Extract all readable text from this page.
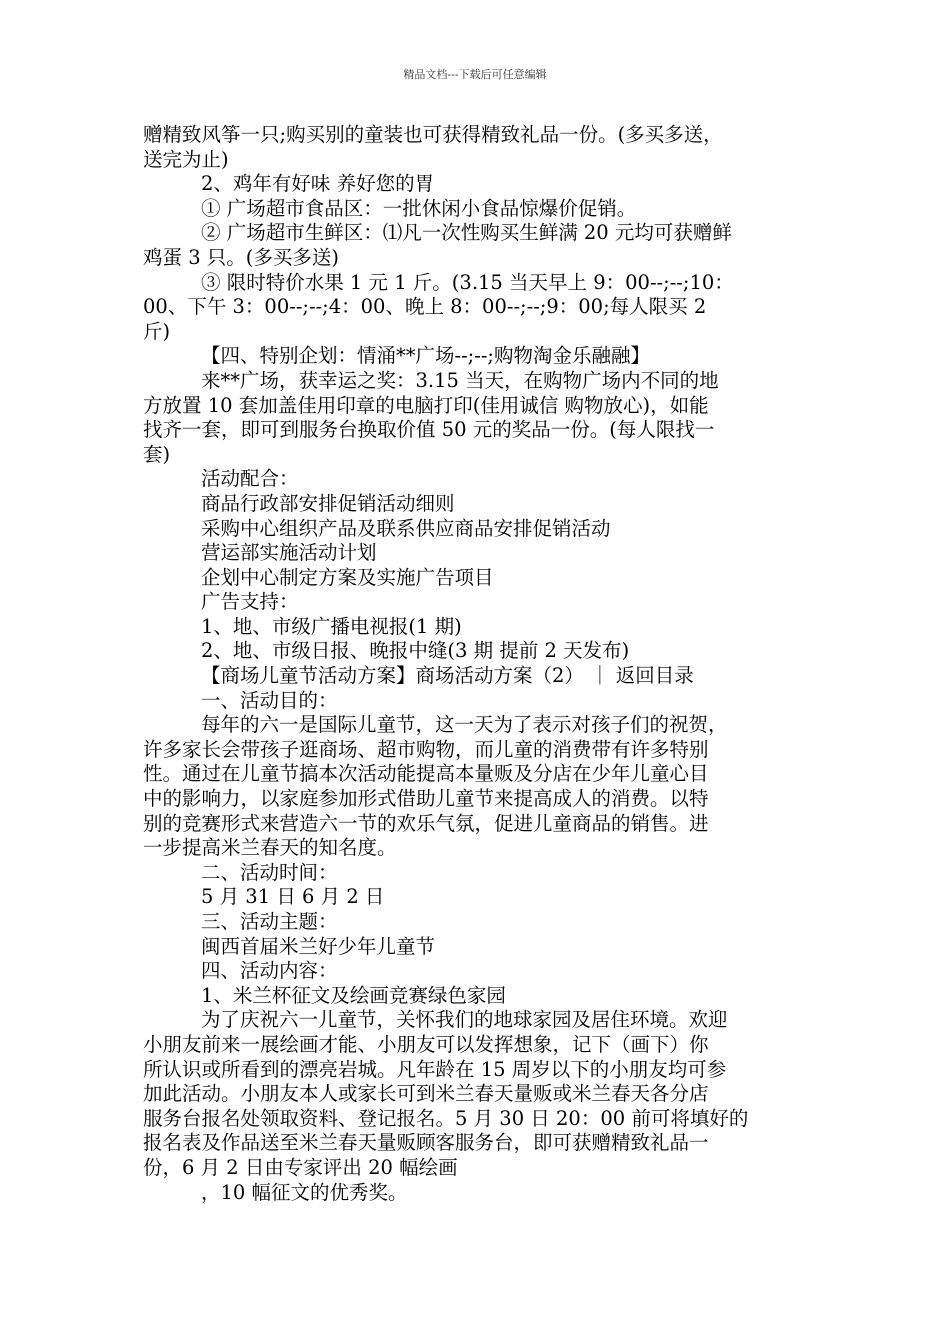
精品文档---下载后可任意编辑

赠精致风筝一只;购买别的童装也可获得精致礼品一份。(多买多送，

送完为止)

2、鸡年有好味 养好您的胃

① 广场超市食品区：一批休闲小食品惊爆价促销。

② 广场超市生鲜区：⑴凡一次性购买生鲜满 20 元均可获赠鲜

鸡蛋 3 只。(多买多送)

③ 限时特价水果 1 元 1 斤。(3.15 当天早上 9：00--;--;10：

00、下午 3：00--;--;4：00、晚上 8：00--;--;9：00;每人限买 2

斤)

【四、特别企划：情涌**广场--;--;购物淘金乐融融】

来**广场，获幸运之奖：3.15 当天，在购物广场内不同的地

方放置 10 套加盖佳用印章的电脑打印(佳用诚信 购物放心)，如能

找齐一套，即可到服务台换取价值 50 元的奖品一份。(每人限找一

套)

活动配合：

商品行政部安排促销活动细则

采购中心组织产品及联系供应商品安排促销活动

营运部实施活动计划

企划中心制定方案及实施广告项目

广告支持：

1、地、市级广播电视报(1 期)

2、地、市级日报、晚报中缝(3 期 提前 2 天发布)

【商场儿童节活动方案】商场活动方案（2） ｜ 返回目录

一、活动目的：

每年的六一是国际儿童节，这一天为了表示对孩子们的祝贺，

许多家长会带孩子逛商场、超市购物，而儿童的消费带有许多特别

性。通过在儿童节搞本次活动能提高本量贩及分店在少年儿童心目

中的影响力，以家庭参加形式借助儿童节来提高成人的消费。以特

别的竞赛形式来营造六一节的欢乐气氛，促进儿童商品的销售。进

一步提高米兰春天的知名度。

二、活动时间：

5 月 31 日 6 月 2 日

三、活动主题：

闽西首届米兰好少年儿童节

四、活动内容：

1、米兰杯征文及绘画竞赛绿色家园

为了庆祝六一儿童节，关怀我们的地球家园及居住环境。欢迎

小朋友前来一展绘画才能、小朋友可以发挥想象，记下（画下）你

所认识或所看到的漂亮岩城。凡年龄在 15 周岁以下的小朋友均可参

加此活动。小朋友本人或家长可到米兰春天量贩或米兰春天各分店

服务台报名处领取资料、登记报名。5 月 30 日 20：00 前可将填好的

报名表及作品送至米兰春天量贩顾客服务台，即可获赠精致礼品一

份，6 月 2 日由专家评出 20 幅绘画

，10 幅征文的优秀奖。
